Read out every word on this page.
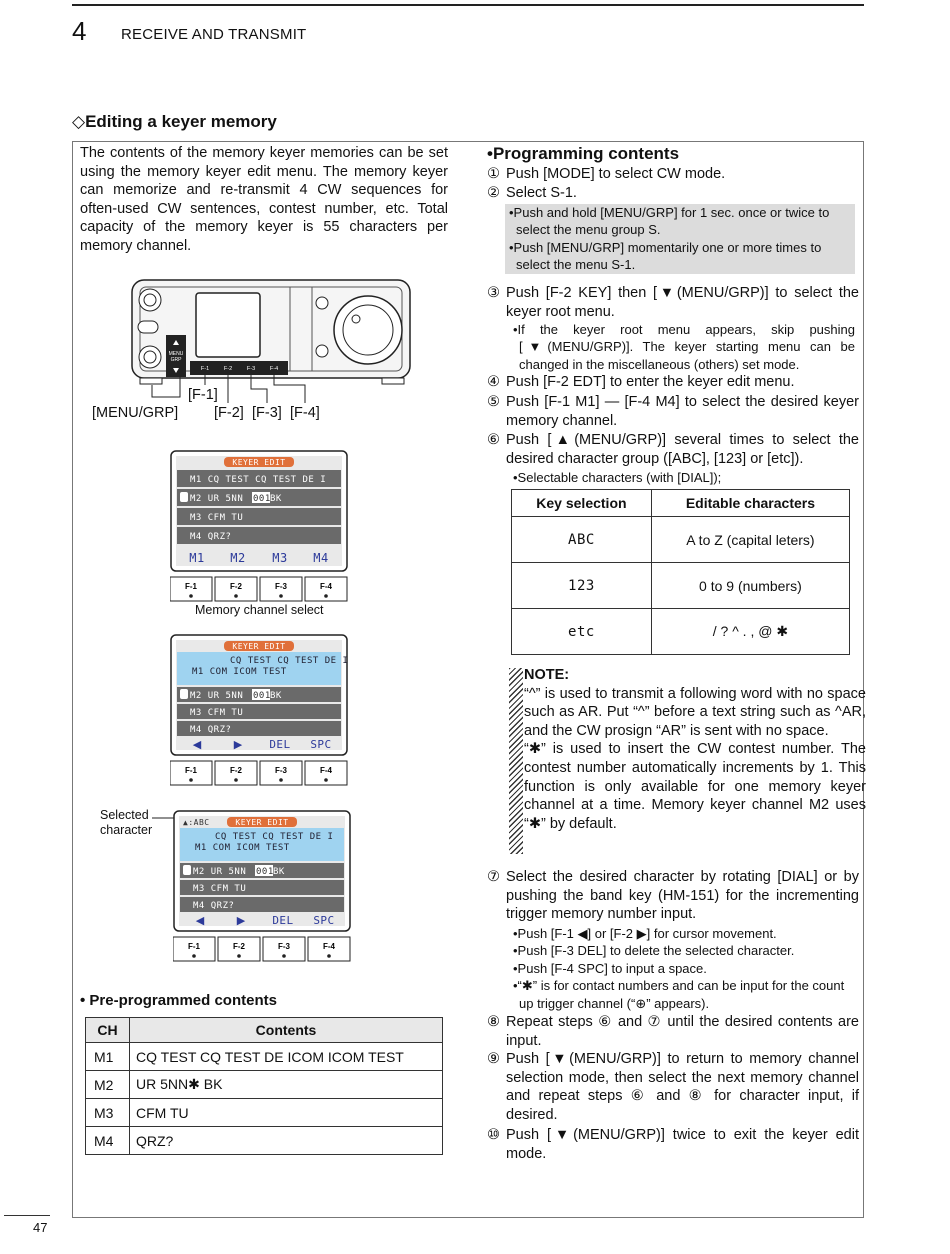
4 RECEIVE AND TRANSMIT
◇Editing a keyer memory
The contents of the memory keyer memories can be set using the memory keyer edit menu. The memory keyer can memorize and re-transmit 4 CW sequences for often-used CW sentences, contest number, etc. Total capacity of the memory keyer is 55 characters per memory channel.
MENU
GRP
F-1	F-2	F-3	F-4
[F-1]
[MENU/GRP] [F-2] [F-3] [F-4]
KEYER EDIT
M1 CQ TEST CQ TEST DE I
M2 UR 5NN 001 BK
M3 CFM TU
M4 QRZ?
M1 M2 M3 M4
F-1	F-2	F-3	F-4
Memory channel select
KEYER EDIT
CQ TEST CQ TEST DE I
M1 COM ICOM TEST
M2 UR 5NN 001 BK
M3 CFM TU
M4 QRZ?
◀	▶ DEL SPC
F-1	F-2	F-3	F-4
Selected character
▲:ABC	KEYER EDIT
CQ TEST CQ TEST DE I
M1 COM ICOM TEST
M2 UR 5NN 001 BK
M3 CFM TU
M4 QRZ?
◀	▶ DEL SPC
F-1	F-2	F-3	F-4
• Pre-programmed contents
CH	Contents
M1	CQ TEST CQ TEST DE ICOM ICOM TEST
M2	UR 5NN✱ BK
M3	CFM TU
M4	QRZ?
•Programming contents
① Push [MODE] to select CW mode.
② Select S-1.
•Push and hold [MENU/GRP] for 1 sec. once or twice to select the menu group S.
•Push [MENU/GRP] momentarily one or more times to select the menu S-1.
③ Push [F-2 KEY] then [▼(MENU/GRP)] to select the keyer root menu.
•If the keyer root menu appears, skip pushing [▼(MENU/GRP)]. The keyer starting menu can be changed in the miscellaneous (others) set mode.
④ Push [F-2 EDT] to enter the keyer edit menu.
⑤ Push [F-1 M1] — [F-4 M4] to select the desired keyer memory channel.
⑥ Push [▲(MENU/GRP)] several times to select the desired character group ([ABC], [123] or [etc]).
•Selectable characters (with [DIAL]);
Key selection	Editable characters
ABC	A to Z (capital leters)
123	0 to 9 (numbers)
etc	/ ? ^ . , @ ✱

NOTE:

“^” is used to transmit a following word with no space such as AR. Put “^” before a text string such as ^AR, and the CW prosign “AR” is sent with no space.

“✱” is used to insert the CW contest number. The contest number automatically increments by 1. This function is only available for one memory keyer channel at a time. Memory keyer channel M2 uses “✱” by default.

⑦ Select the desired character by rotating [DIAL] or by pushing the band key (HM-151) for the incrementing trigger memory number input.
•Push [F-1 ◀] or [F-2 ▶] for cursor movement.
•Push [F-3 DEL] to delete the selected character.
•Push [F-4 SPC] to input a space.
•“✱” is for contact numbers and can be input for the count up trigger channel (“⊕” appears).
⑧ Repeat steps ⑥ and ⑦ until the desired contents are input.
⑨ Push [▼(MENU/GRP)] to return to memory channel selection mode, then select the next memory channel and repeat steps ⑥ and ⑧ for character input, if desired.
⑩ Push [▼(MENU/GRP)] twice to exit the keyer edit mode.
47
